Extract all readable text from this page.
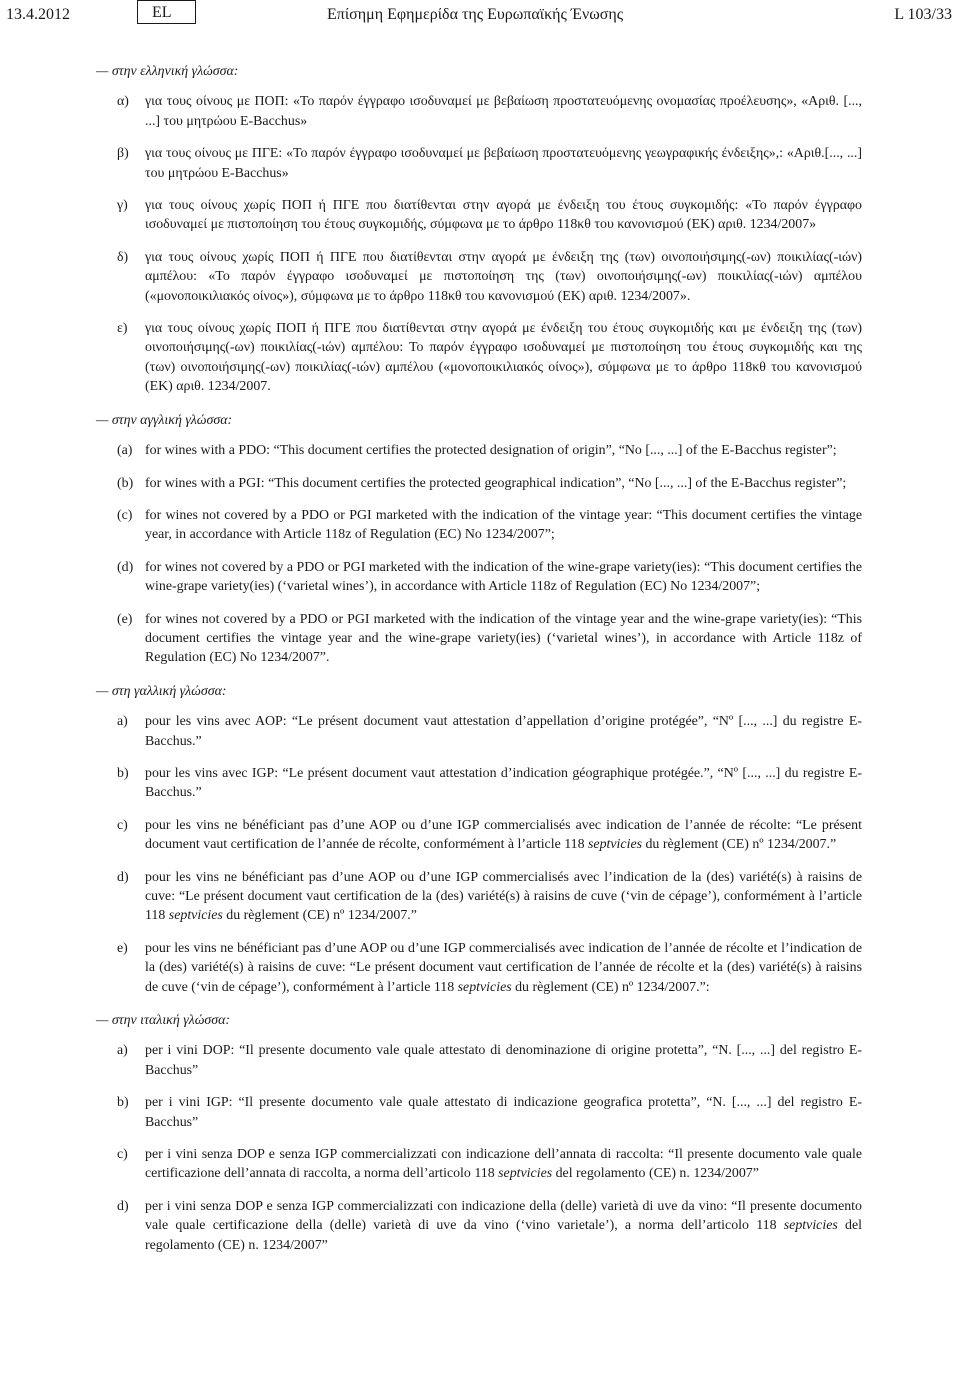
13.4.2012	EL	Επίσημη Εφημερίδα της Ευρωπαϊκής Ένωσης	L 103/33
— στην ελληνική γλώσσα:
α) για τους οίνους με ΠΟΠ: «Το παρόν έγγραφο ισοδυναμεί με βεβαίωση προστατευόμενης ονομασίας προέλευσης», «Αριθ. [..., ...] του μητρώου E-Bacchus»
β) για τους οίνους με ΠΓΕ: «Το παρόν έγγραφο ισοδυναμεί με βεβαίωση προστατευόμενης γεωγραφικής ένδειξης»,: «Αριθ.[..., ...] του μητρώου E-Bacchus»
γ) για τους οίνους χωρίς ΠΟΠ ή ΠΓΕ που διατίθενται στην αγορά με ένδειξη του έτους συγκομιδής: «Το παρόν έγγραφο ισοδυναμεί με πιστοποίηση του έτους συγκομιδής, σύμφωνα με το άρθρο 118κθ του κανονισμού (ΕΚ) αριθ. 1234/2007»
δ) για τους οίνους χωρίς ΠΟΠ ή ΠΓΕ που διατίθενται στην αγορά με ένδειξη της (των) οινοποιήσιμης(-ων) ποικιλίας(-ιών) αμπέλου: «Το παρόν έγγραφο ισοδυναμεί με πιστοποίηση της (των) οινοποιήσιμης(-ων) ποικιλίας(-ιών) αμπέλου («μονοποικιλιακός οίνος»), σύμφωνα με το άρθρο 118κθ του κανονισμού (ΕΚ) αριθ. 1234/2007».
ε) για τους οίνους χωρίς ΠΟΠ ή ΠΓΕ που διατίθενται στην αγορά με ένδειξη του έτους συγκομιδής και με ένδειξη της (των) οινοποιήσιμης(-ων) ποικιλίας(-ιών) αμπέλου: Το παρόν έγγραφο ισοδυναμεί με πιστοποίηση του έτους συγκομιδής και της (των) οινοποιήσιμης(-ων) ποικιλίας(-ιών) αμπέλου («μονοποικιλιακός οίνος»), σύμφωνα με το άρθρο 118κθ του κανονισμού (ΕΚ) αριθ. 1234/2007.
— στην αγγλική γλώσσα:
(a) for wines with a PDO: “This document certifies the protected designation of origin”, “No [..., ...] of the E-Bacchus register”;
(b) for wines with a PGI: “This document certifies the protected geographical indication”, “No [..., ...] of the E-Bacchus register”;
(c) for wines not covered by a PDO or PGI marketed with the indication of the vintage year: “This document certifies the vintage year, in accordance with Article 118z of Regulation (EC) No 1234/2007”;
(d) for wines not covered by a PDO or PGI marketed with the indication of the wine-grape variety(ies): “This document certifies the wine-grape variety(ies) (‘varietal wines’), in accordance with Article 118z of Regulation (EC) No 1234/2007”;
(e) for wines not covered by a PDO or PGI marketed with the indication of the vintage year and the wine-grape variety(ies): “This document certifies the vintage year and the wine-grape variety(ies) (‘varietal wines’), in accordance with Article 118z of Regulation (EC) No 1234/2007”.
— στη γαλλική γλώσσα:
a) pour les vins avec AOP: “Le présent document vaut attestation d’appellation d’origine protégée”, “Nº [..., ...] du registre E-Bacchus.”
b) pour les vins avec IGP: “Le présent document vaut attestation d’indication géographique protégée.”, “Nº [..., ...] du registre E-Bacchus.”
c) pour les vins ne bénéficiant pas d’une AOP ou d’une IGP commercialisés avec indication de l’année de récolte: “Le présent document vaut certification de l’année de récolte, conformément à l’article 118 septvicies du règlement (CE) nº 1234/2007.”
d) pour les vins ne bénéficiant pas d’une AOP ou d’une IGP commercialisés avec l’indication de la (des) variété(s) à raisins de cuve: “Le présent document vaut certification de la (des) variété(s) à raisins de cuve (‘vin de cépage’), conformément à l’article 118 septvicies du règlement (CE) nº 1234/2007.”
e) pour les vins ne bénéficiant pas d’une AOP ou d’une IGP commercialisés avec indication de l’année de récolte et l’indication de la (des) variété(s) à raisins de cuve: “Le présent document vaut certification de l’année de récolte et la (des) variété(s) à raisins de cuve (‘vin de cépage’), conformément à l’article 118 septvicies du règlement (CE) nº 1234/2007.”:
— στην ιταλική γλώσσα:
a) per i vini DOP: “Il presente documento vale quale attestato di denominazione di origine protetta”, “N. [..., ...] del registro E-Bacchus”
b) per i vini IGP: “Il presente documento vale quale attestato di indicazione geografica protetta”, “N. [..., ...] del registro E-Bacchus”
c) per i vini senza DOP e senza IGP commercializzati con indicazione dell’annata di raccolta: “Il presente documento vale quale certificazione dell’annata di raccolta, a norma dell’articolo 118 septvicies del regolamento (CE) n. 1234/2007”
d) per i vini senza DOP e senza IGP commercializzati con indicazione della (delle) varietà di uve da vino: “Il presente documento vale quale certificazione della (delle) varietà di uve da vino (‘vino varietale’), a norma dell’articolo 118 septvicies del regolamento (CE) n. 1234/2007”
